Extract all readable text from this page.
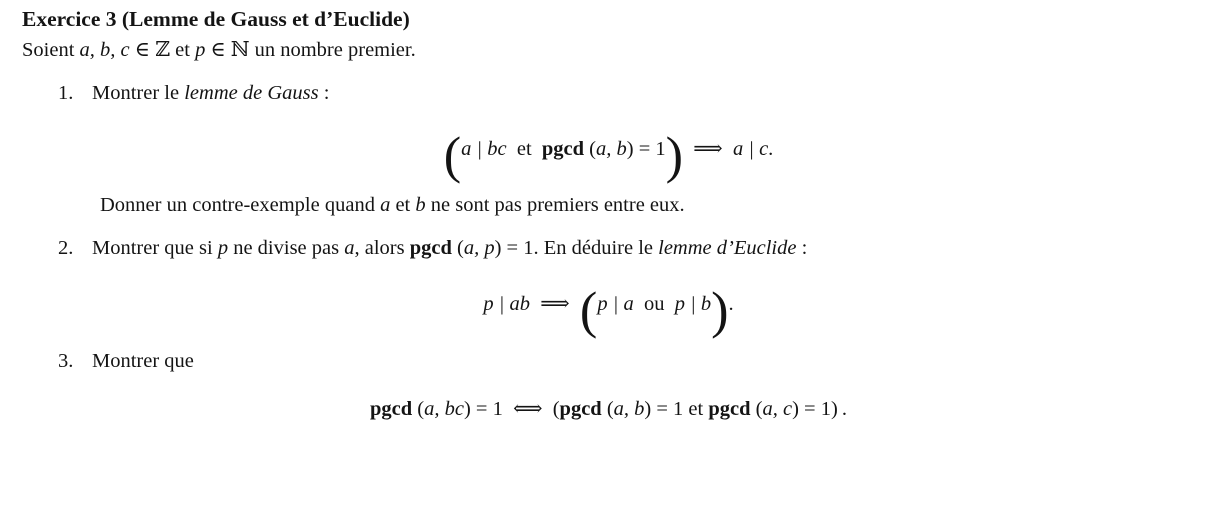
Exercice 3 (Lemme de Gauss et d’Euclide)

Soient a, b, c ∈ ℤ et p ∈ ℕ un nombre premier.

1. Montrer le lemme de Gauss :
(a | bc  et  pgcd (a, b) = 1)  ⟹  a | c.

Donner un contre-exemple quand a et b ne sont pas premiers entre eux.

2. Montrer que si p ne divise pas a, alors pgcd (a, p) = 1. En déduire le lemme d’Euclide :
p | ab  ⟹  (p | a  ou  p | b).
3. Montrer que
pgcd (a, bc) = 1  ⟺  (pgcd (a, b) = 1 et pgcd (a, c) = 1) .
